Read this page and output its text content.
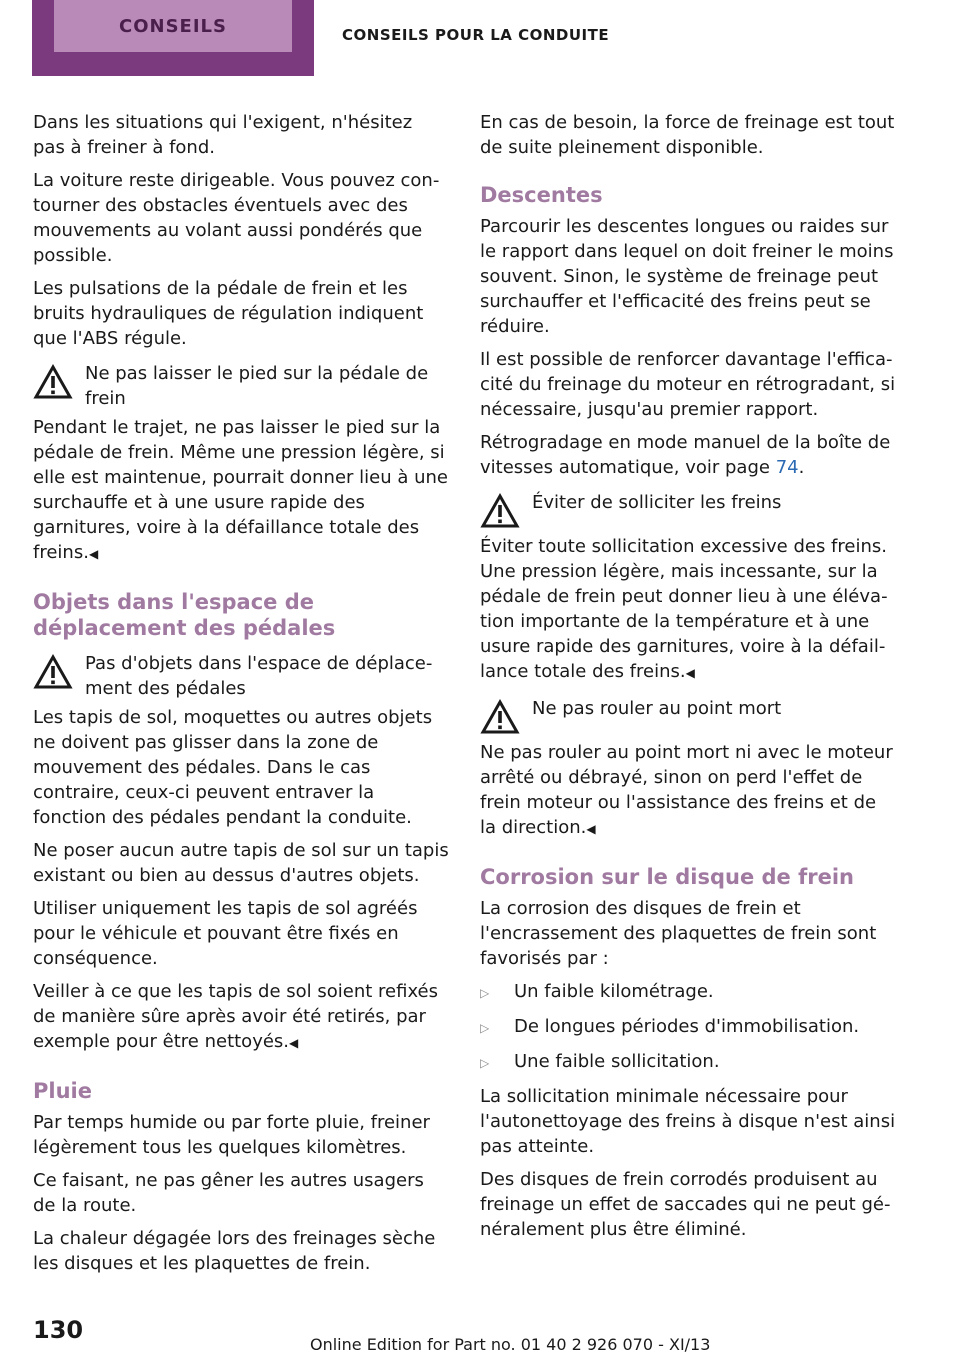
CONSEILS	CONSEILS POUR LA CONDUITE

Dans les situations qui l'exigent, n'hésitez pas à freiner à fond.

La voiture reste dirigeable. Vous pouvez contourner des obstacles éventuels avec des mouvements au volant aussi pondérés que possible.

Les pulsations de la pédale de frein et les bruits hydrauliques de régulation indiquent que l'ABS régule.

Ne pas laisser le pied sur la pédale de frein

Pendant le trajet, ne pas laisser le pied sur la pédale de frein. Même une pression légère, si elle est maintenue, pourrait donner lieu à une surchauffe et à une usure rapide des garnitures, voire à la défaillance totale des freins.◀

Objets dans l'espace de déplacement des pédales
Pas d'objets dans l'espace de déplacement des pédales

Les tapis de sol, moquettes ou autres objets ne doivent pas glisser dans la zone de mouvement des pédales. Dans le cas contraire, ceux-ci peuvent entraver la fonction des pédales pendant la conduite.

Ne poser aucun autre tapis de sol sur un tapis existant ou bien au dessus d'autres objets.

Utiliser uniquement les tapis de sol agréés pour le véhicule et pouvant être fixés en conséquence.

Veiller à ce que les tapis de sol soient refixés de manière sûre après avoir été retirés, par exemple pour être nettoyés.◀

Pluie

Par temps humide ou par forte pluie, freiner légèrement tous les quelques kilomètres.

Ce faisant, ne pas gêner les autres usagers de la route.

La chaleur dégagée lors des freinages sèche les disques et les plaquettes de frein.

En cas de besoin, la force de freinage est tout de suite pleinement disponible.

Descentes

Parcourir les descentes longues ou raides sur le rapport dans lequel on doit freiner le moins souvent. Sinon, le système de freinage peut surchauffer et l'efficacité des freins peut se réduire.

Il est possible de renforcer davantage l'efficacité du freinage du moteur en rétrogradant, si nécessaire, jusqu'au premier rapport.

Rétrogradage en mode manuel de la boîte de vitesses automatique, voir page 74.

Éviter de solliciter les freins

Éviter toute sollicitation excessive des freins. Une pression légère, mais incessante, sur la pédale de frein peut donner lieu à une élévation importante de la température et à une usure rapide des garnitures, voire à la défaillance totale des freins.◀

Ne pas rouler au point mort

Ne pas rouler au point mort ni avec le moteur arrêté ou débrayé, sinon on perd l'effet de frein moteur ou l'assistance des freins et de la direction.◀

Corrosion sur le disque de frein

La corrosion des disques de frein et l'encrassement des plaquettes de frein sont favorisés par :

▷	Un faible kilométrage.
▷	De longues périodes d'immobilisation.
▷	Une faible sollicitation.

La sollicitation minimale nécessaire pour l'autonettoyage des freins à disque n'est ainsi pas atteinte.

Des disques de frein corrodés produisent au freinage un effet de saccades qui ne peut généralement plus être éliminé.

130
Online Edition for Part no. 01 40 2 926 070 - XI/13
